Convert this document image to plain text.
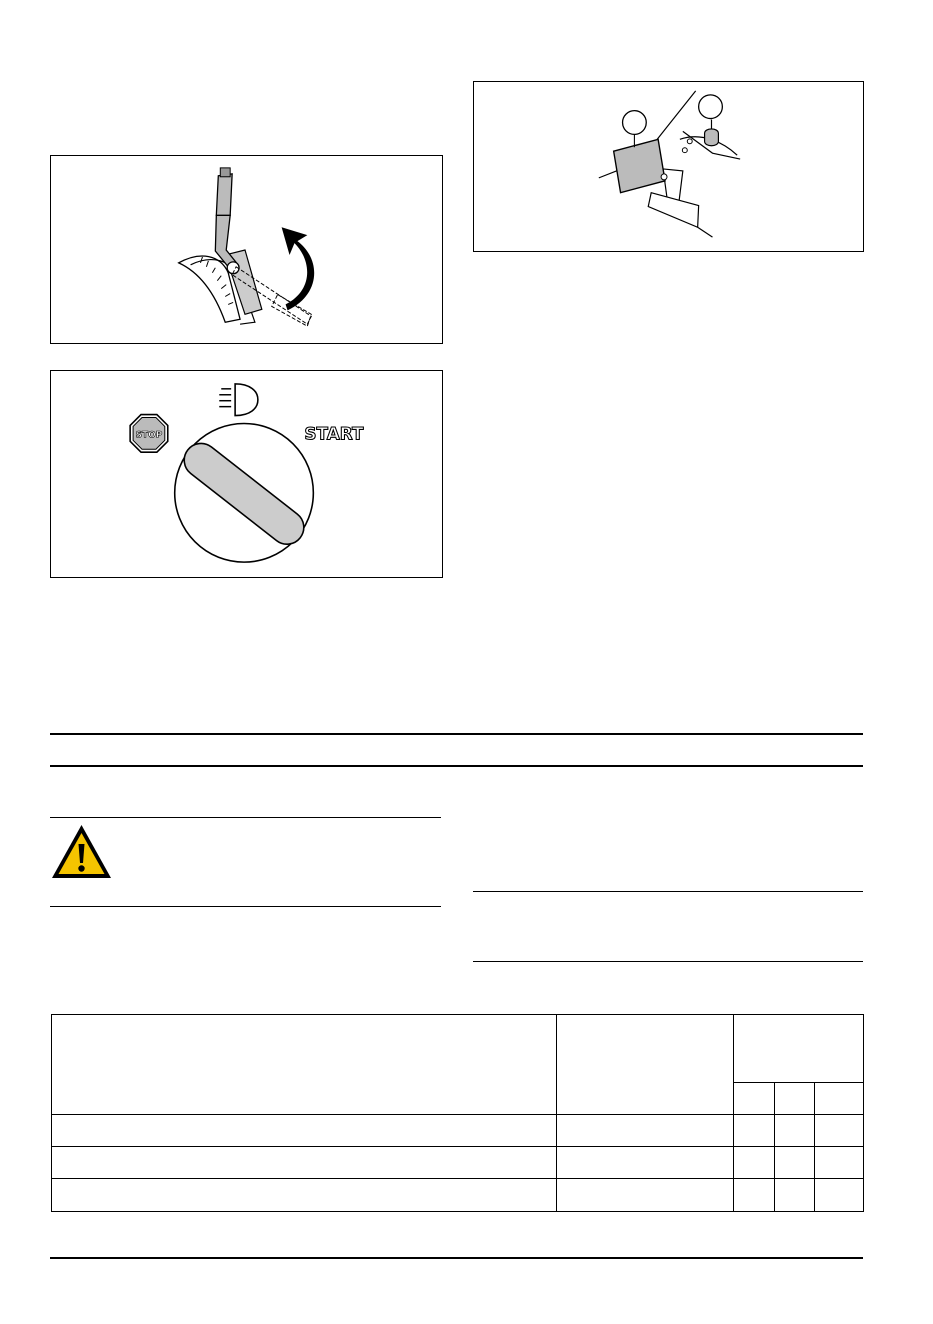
STOP	START
